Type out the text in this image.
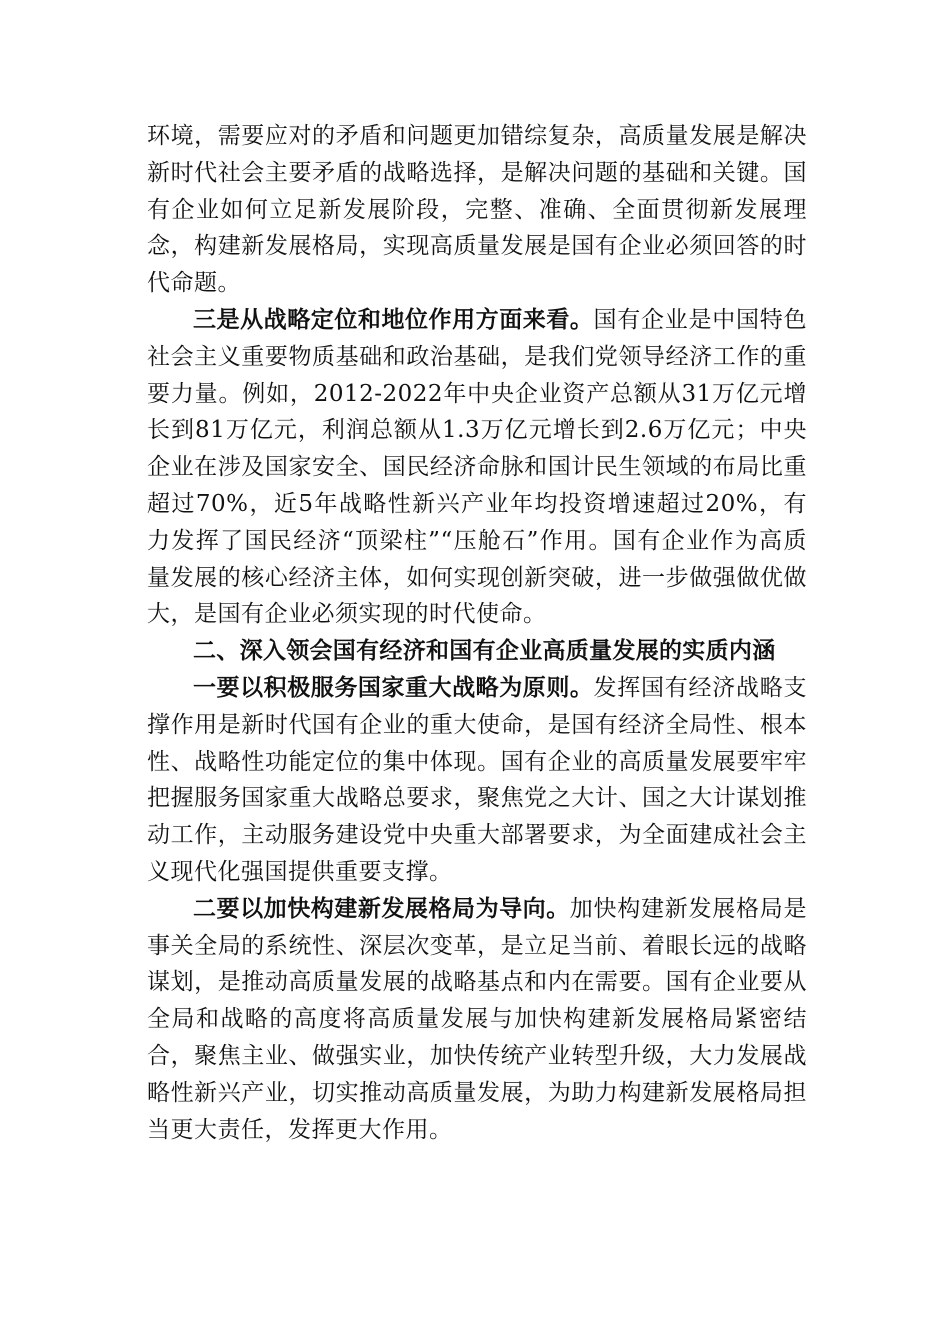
环境，需要应对的矛盾和问题更加错综复杂，高质量发展是解决新时代社会主要矛盾的战略选择，是解决问题的基础和关键。国有企业如何立足新发展阶段，完整、准确、全面贯彻新发展理念，构建新发展格局，实现高质量发展是国有企业必须回答的时代命题。

三是从战略定位和地位作用方面来看。国有企业是中国特色社会主义重要物质基础和政治基础，是我们党领导经济工作的重要力量。例如，2012-2022年中央企业资产总额从31万亿元增长到81万亿元，利润总额从1.3万亿元增长到2.6万亿元；中央企业在涉及国家安全、国民经济命脉和国计民生领域的布局比重超过70%，近5年战略性新兴产业年均投资增速超过20%，有力发挥了国民经济“顶梁柱”“压舱石”作用。国有企业作为高质量发展的核心经济主体，如何实现创新突破，进一步做强做优做大，是国有企业必须实现的时代使命。

二、深入领会国有经济和国有企业高质量发展的实质内涵

一要以积极服务国家重大战略为原则。发挥国有经济战略支撑作用是新时代国有企业的重大使命，是国有经济全局性、根本性、战略性功能定位的集中体现。国有企业的高质量发展要牢牢把握服务国家重大战略总要求，聚焦党之大计、国之大计谋划推动工作，主动服务建设党中央重大部署要求，为全面建成社会主义现代化强国提供重要支撑。

二要以加快构建新发展格局为导向。加快构建新发展格局是事关全局的系统性、深层次变革，是立足当前、着眼长远的战略谋划，是推动高质量发展的战略基点和内在需要。国有企业要从全局和战略的高度将高质量发展与加快构建新发展格局紧密结合，聚焦主业、做强实业，加快传统产业转型升级，大力发展战略性新兴产业，切实推动高质量发展，为助力构建新发展格局担当更大责任，发挥更大作用。
